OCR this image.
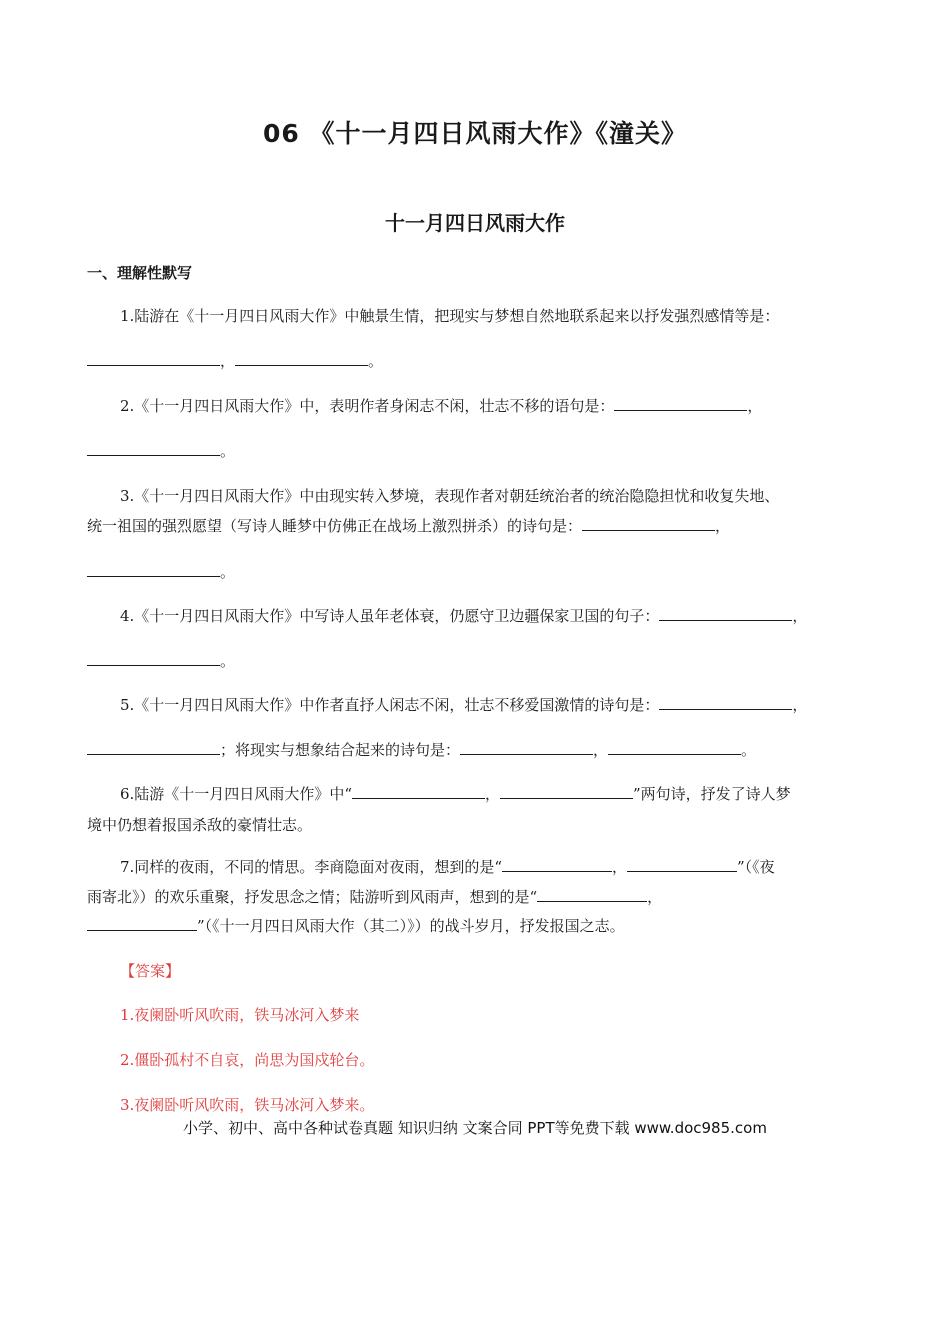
06 《十一月四日风雨大作》《潼关》
十一月四日风雨大作
一、理解性默写
1.陆游在《十一月四日风雨大作》中触景生情，把现实与梦想自然地联系起来以抒发强烈感情等是：
，	。
2.《十一月四日风雨大作》中，表明作者身闲志不闲，壮志不移的语句是：	，
。
3.《十一月四日风雨大作》中由现实转入梦境，表现作者对朝廷统治者的统治隐隐担忧和收复失地、
统一祖国的强烈愿望（写诗人睡梦中仿佛正在战场上激烈拼杀）的诗句是：	，
。
4.《十一月四日风雨大作》中写诗人虽年老体衰，仍愿守卫边疆保家卫国的句子：	，
。
5.《十一月四日风雨大作》中作者直抒人闲志不闲，壮志不移爱国激情的诗句是：	，
；将现实与想象结合起来的诗句是：	，	。
6.陆游《十一月四日风雨大作》中“	，	”两句诗，抒发了诗人梦
境中仍想着报国杀敌的豪情壮志。
7.同样的夜雨，不同的情思。李商隐面对夜雨，想到的是“	，	”（《夜
雨寄北》）的欢乐重聚，抒发思念之情；陆游听到风雨声，想到的是“	，
”（《十一月四日风雨大作（其二）》）的战斗岁月，抒发报国之志。
【答案】
1.夜阑卧听风吹雨，铁马冰河入梦来
2.僵卧孤村不自哀，尚思为国戍轮台。
3.夜阑卧听风吹雨，铁马冰河入梦来。
小学、初中、高中各种试卷真题 知识归纳 文案合同 PPT等免费下载 www.doc985.com
